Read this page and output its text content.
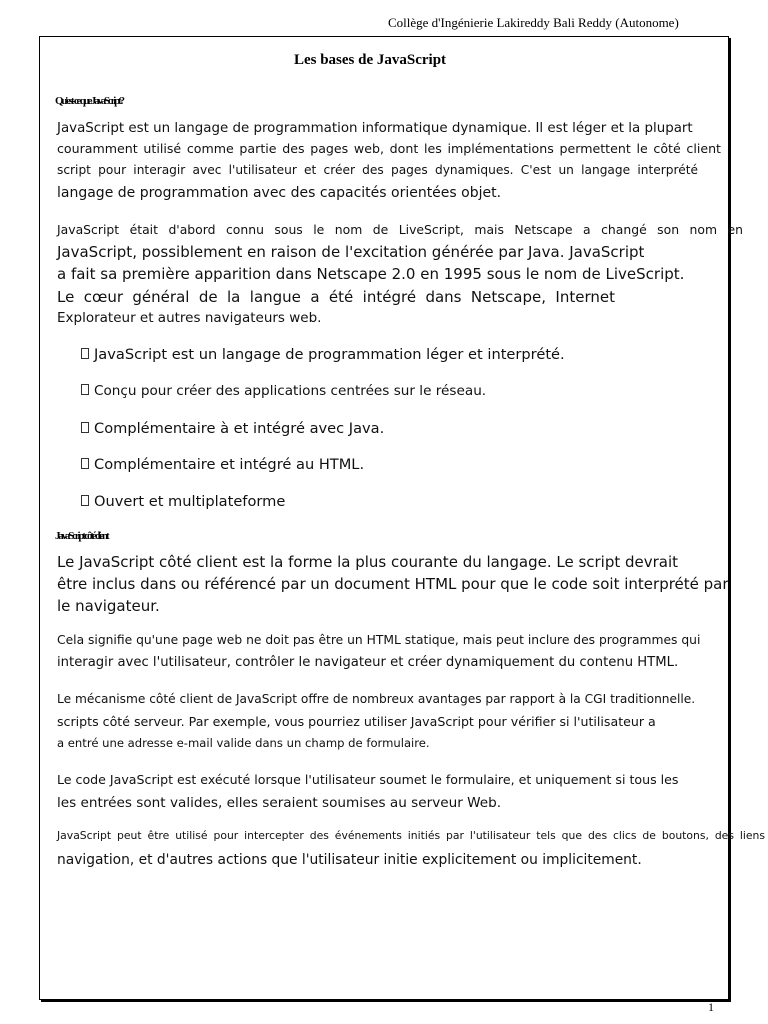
Collège d'Ingénierie Lakireddy Bali Reddy (Autonome)
Les bases de JavaScript
Qu'est-ce que JavaScript?
JavaScript est un langage de programmation informatique dynamique. Il est léger et la plupart
couramment utilisé comme partie des pages web, dont les implémentations permettent le côté client
script pour interagir avec l'utilisateur et créer des pages dynamiques. C'est un langage interprété
langage de programmation avec des capacités orientées objet.
JavaScript était d'abord connu sous le nom de LiveScript, mais Netscape a changé son nom en
JavaScript, possiblement en raison de l'excitation générée par Java. JavaScript
a fait sa première apparition dans Netscape 2.0 en 1995 sous le nom de LiveScript.
Le cœur général de la langue a été intégré dans Netscape, Internet
Explorateur et autres navigateurs web.
JavaScript est un langage de programmation léger et interprété.
Conçu pour créer des applications centrées sur le réseau.
Complémentaire à et intégré avec Java.
Complémentaire et intégré au HTML.
Ouvert et multiplateforme
JavaScript côté client
Le JavaScript côté client est la forme la plus courante du langage. Le script devrait
être inclus dans ou référencé par un document HTML pour que le code soit interprété par
le navigateur.
Cela signifie qu'une page web ne doit pas être un HTML statique, mais peut inclure des programmes qui
interagir avec l'utilisateur, contrôler le navigateur et créer dynamiquement du contenu HTML.
Le mécanisme côté client de JavaScript offre de nombreux avantages par rapport à la CGI traditionnelle.
scripts côté serveur. Par exemple, vous pourriez utiliser JavaScript pour vérifier si l'utilisateur a
a entré une adresse e-mail valide dans un champ de formulaire.
Le code JavaScript est exécuté lorsque l'utilisateur soumet le formulaire, et uniquement si tous les
les entrées sont valides, elles seraient soumises au serveur Web.
JavaScript peut être utilisé pour intercepter des événements initiés par l'utilisateur tels que des clics de boutons, des liens
navigation, et d'autres actions que l'utilisateur initie explicitement ou implicitement.
1
